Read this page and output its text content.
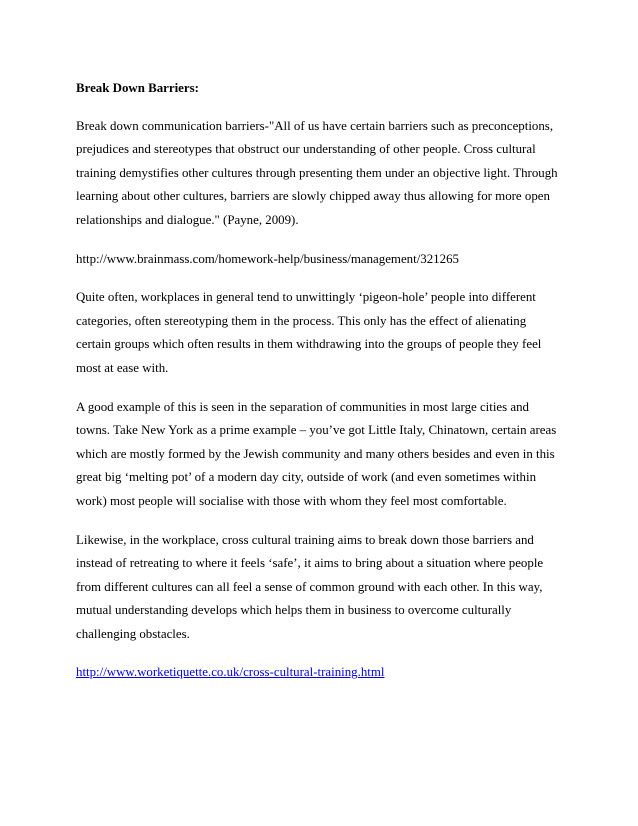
Break Down Barriers:

Break down communication barriers-"All of us have certain barriers such as preconceptions, prejudices and stereotypes that obstruct our understanding of other people. Cross cultural training demystifies other cultures through presenting them under an objective light. Through learning about other cultures, barriers are slowly chipped away thus allowing for more open relationships and dialogue." (Payne, 2009).

http://www.brainmass.com/homework-help/business/management/321265

Quite often, workplaces in general tend to unwittingly ‘pigeon-hole’ people into different categories, often stereotyping them in the process. This only has the effect of alienating certain groups which often results in them withdrawing into the groups of people they feel most at ease with.

A good example of this is seen in the separation of communities in most large cities and towns. Take New York as a prime example – you’ve got Little Italy, Chinatown, certain areas which are mostly formed by the Jewish community and many others besides and even in this great big ‘melting pot’ of a modern day city, outside of work (and even sometimes within work) most people will socialise with those with whom they feel most comfortable.

Likewise, in the workplace, cross cultural training aims to break down those barriers and instead of retreating to where it feels ‘safe’, it aims to bring about a situation where people from different cultures can all feel a sense of common ground with each other. In this way, mutual understanding develops which helps them in business to overcome culturally challenging obstacles.

http://www.worketiquette.co.uk/cross-cultural-training.html
